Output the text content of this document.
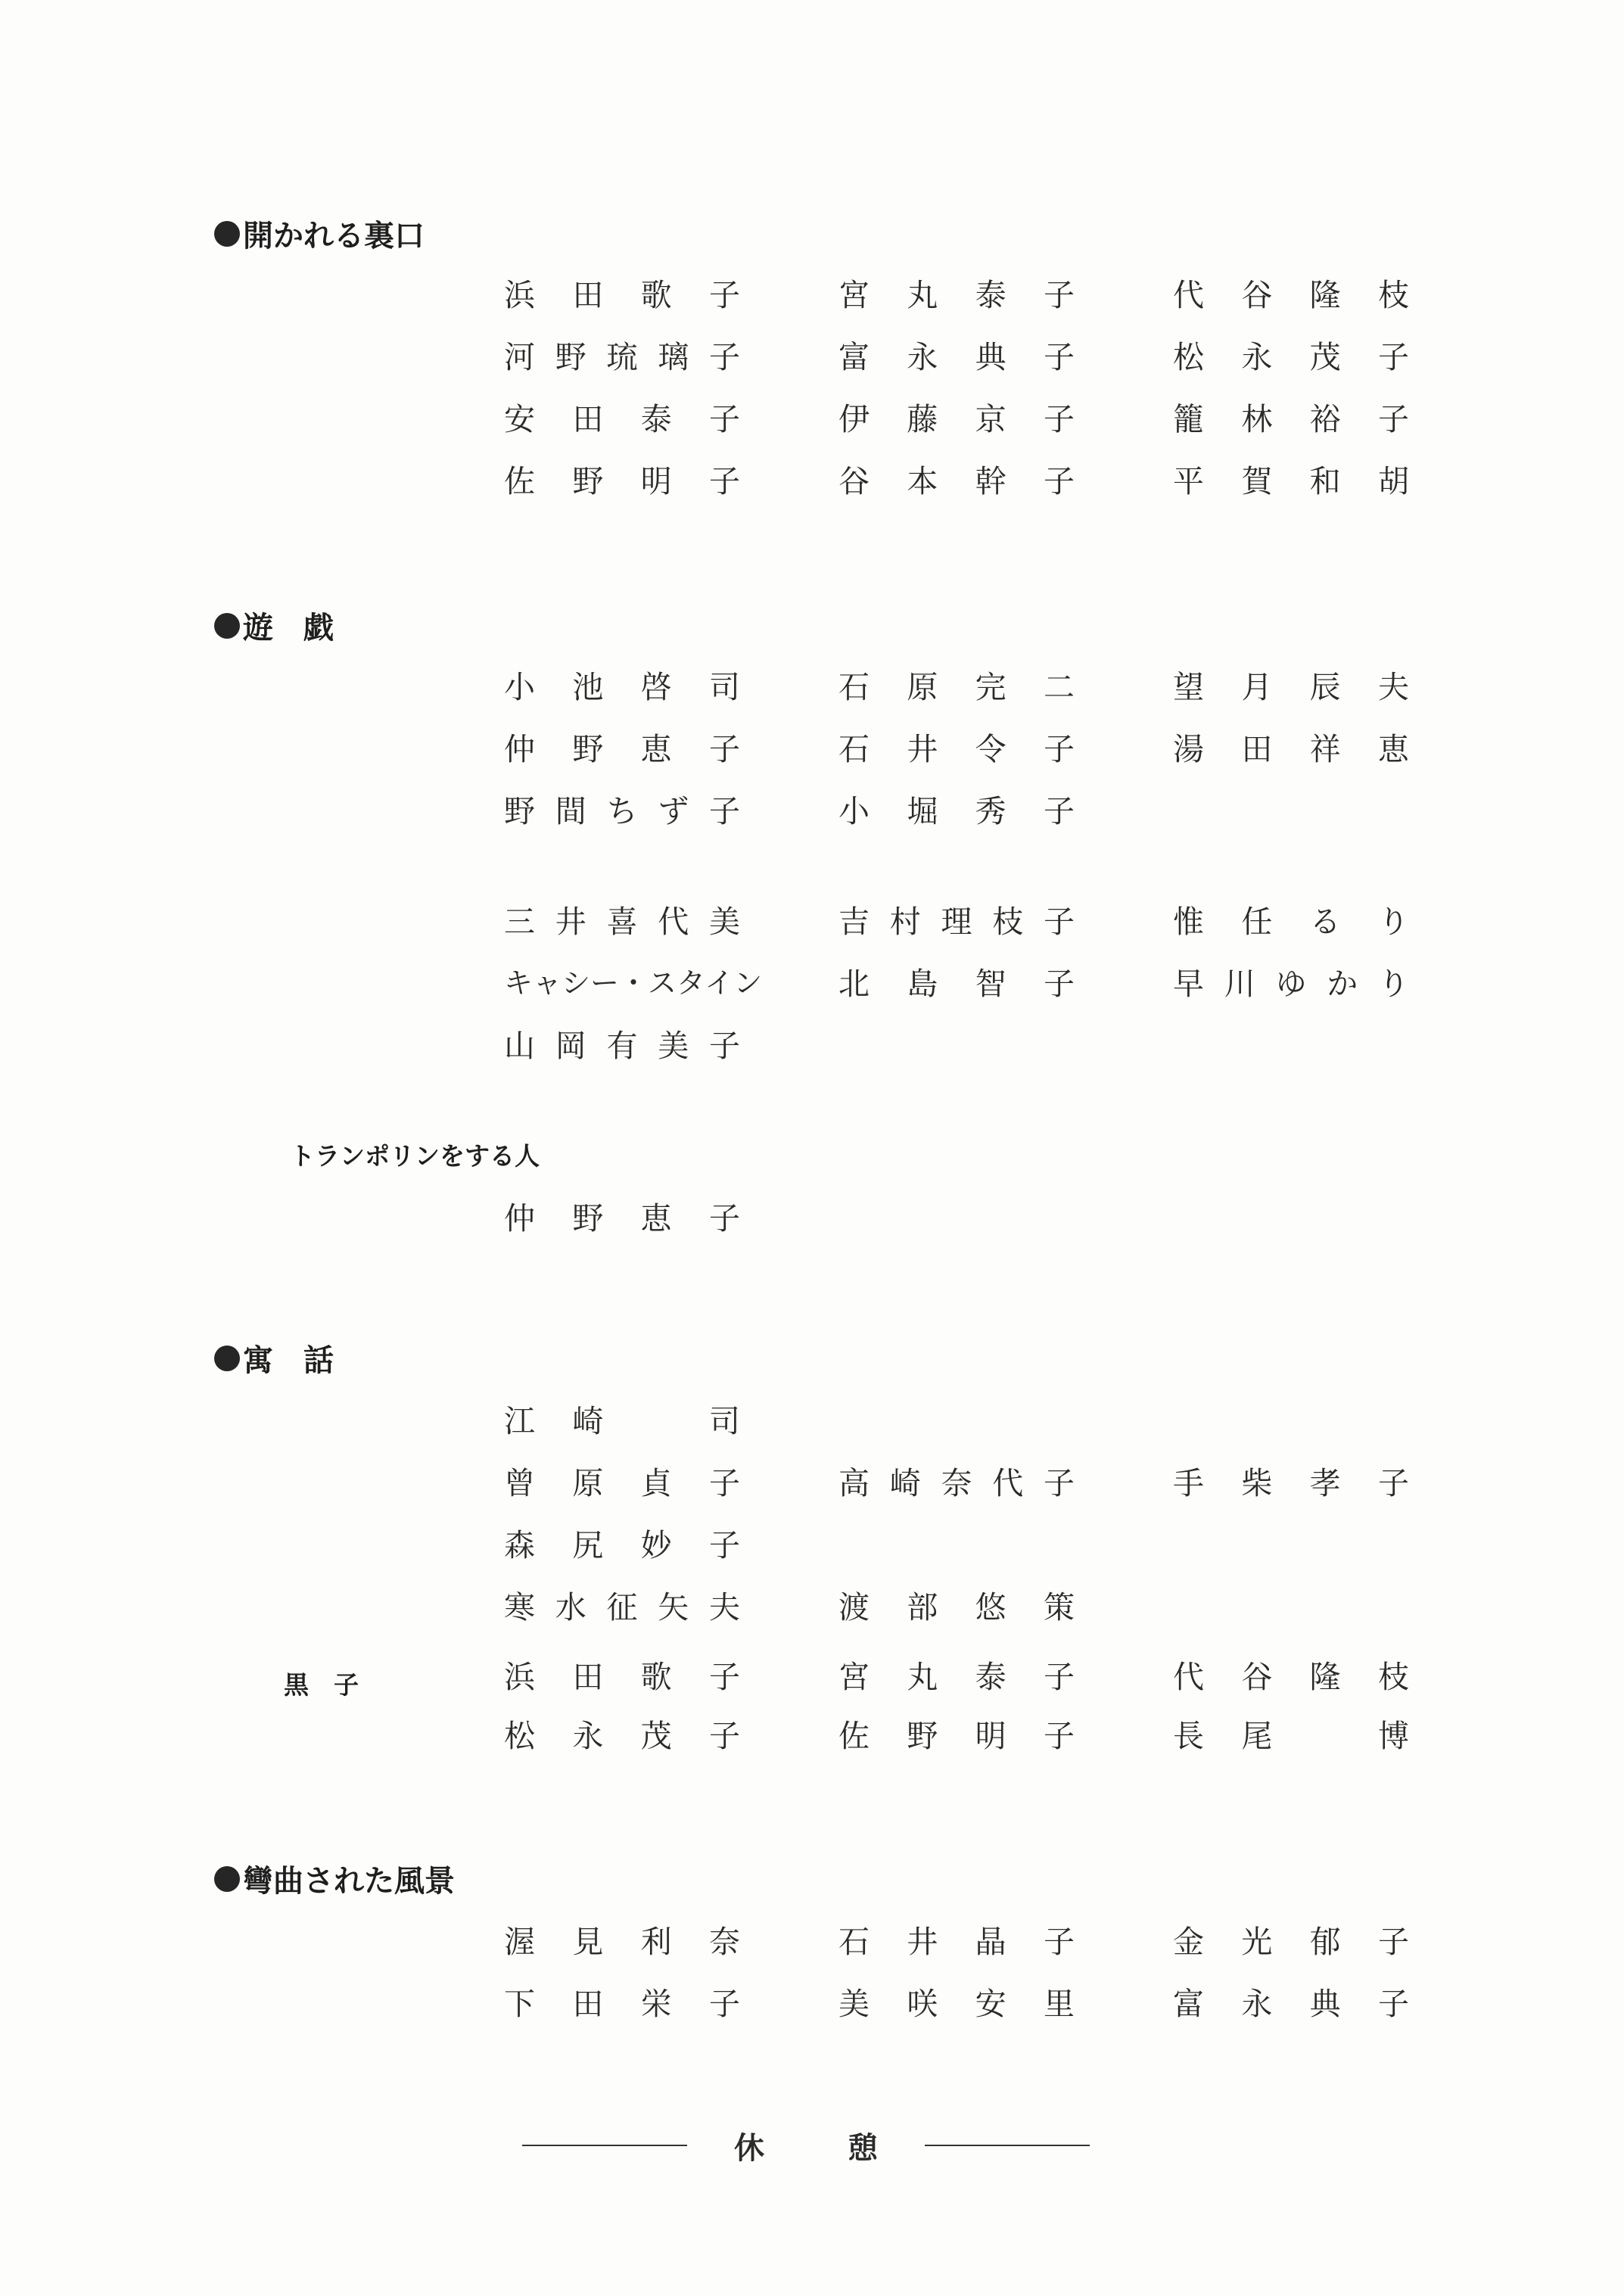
開かれる裏口
浜田歌子	宮丸泰子	代谷隆枝
河野琉璃子	富永典子	松永茂子
安田泰子	伊藤京子	籠林裕子
佐野明子	谷本幹子	平賀和胡
遊　戯
小池啓司	石原完二	望月辰夫
仲野恵子	石井令子	湯田祥恵
野間ちず子	小堀秀子
三井喜代美	吉村理枝子	惟任るり
キャシー・スタイン 北島智子	早川ゆかり
山岡有美子
トランポリンをする人
仲野恵子
寓　話
江崎　司
曾原貞子	高崎奈代子	手柴孝子
森尻妙子
寒水征矢夫	渡部悠策
黒　子	浜田歌子	宮丸泰子	代谷隆枝
松永茂子	佐野明子	長尾　博
彎曲された風景
渥見利奈	石井晶子	金光郁子
下田栄子	美咲安里	富永典子
休憩
